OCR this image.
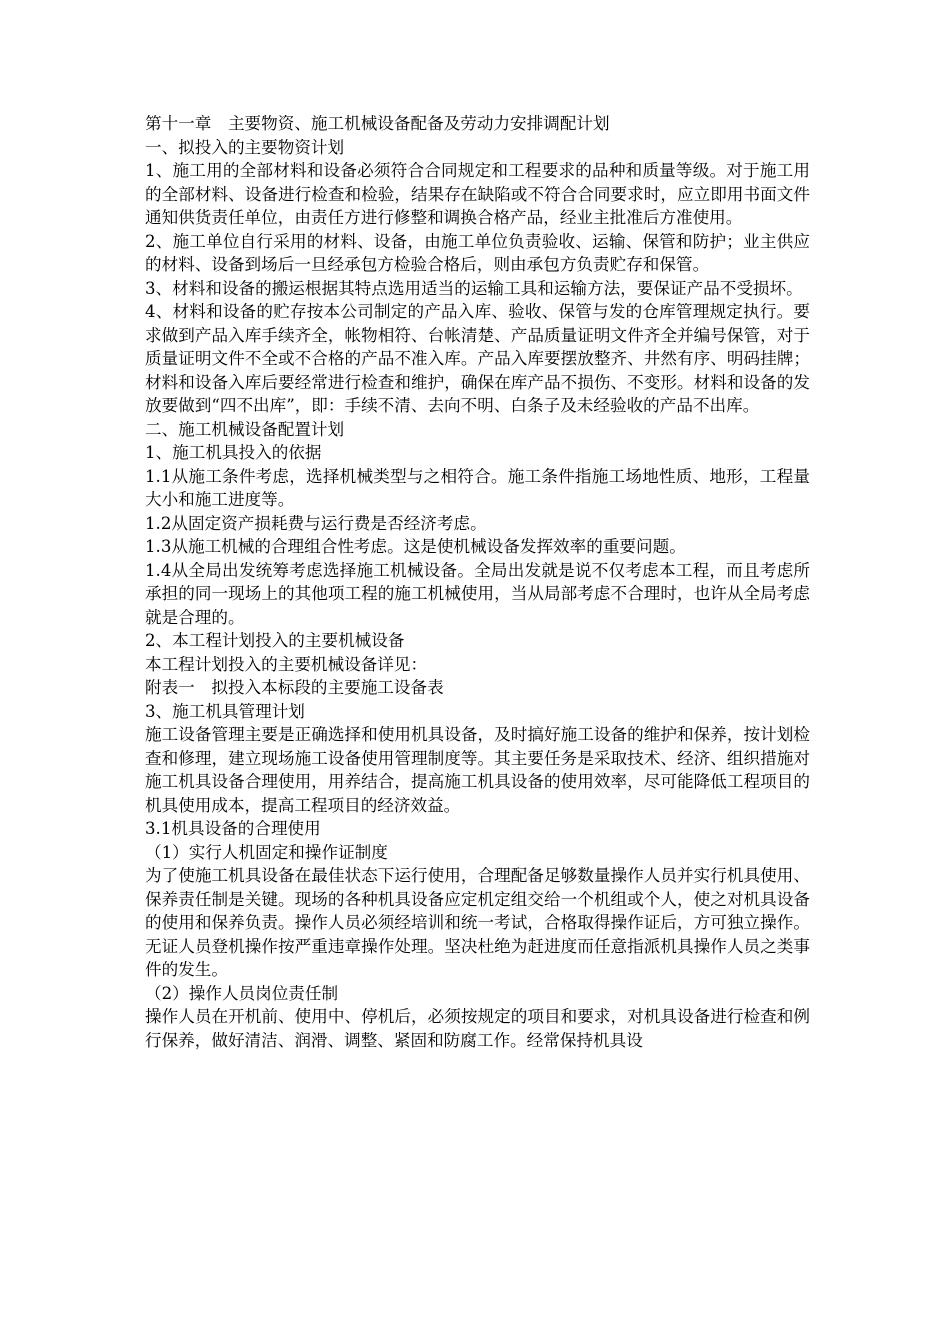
第十一章　主要物资、施工机械设备配备及劳动力安排调配计划

一、拟投入的主要物资计划

1、施工用的全部材料和设备必须符合合同规定和工程要求的品种和质量等级。对于施工用的全部材料、设备进行检查和检验，结果存在缺陷或不符合合同要求时，应立即用书面文件通知供货责任单位，由责任方进行修整和调换合格产品，经业主批准后方准使用。

2、施工单位自行采用的材料、设备，由施工单位负责验收、运输、保管和防护；业主供应的材料、设备到场后一旦经承包方检验合格后，则由承包方负责贮存和保管。

3、材料和设备的搬运根据其特点选用适当的运输工具和运输方法，要保证产品不受损坏。

4、材料和设备的贮存按本公司制定的产品入库、验收、保管与发的仓库管理规定执行。要求做到产品入库手续齐全，帐物相符、台帐清楚、产品质量证明文件齐全并编号保管，对于质量证明文件不全或不合格的产品不准入库。产品入库要摆放整齐、井然有序、明码挂牌；材料和设备入库后要经常进行检查和维护，确保在库产品不损伤、不变形。材料和设备的发放要做到“四不出库”，即：手续不清、去向不明、白条子及未经验收的产品不出库。

二、施工机械设备配置计划

1、施工机具投入的依据

1.1从施工条件考虑，选择机械类型与之相符合。施工条件指施工场地性质、地形，工程量大小和施工进度等。

1.2从固定资产损耗费与运行费是否经济考虑。

1.3从施工机械的合理组合性考虑。这是使机械设备发挥效率的重要问题。

1.4从全局出发统筹考虑选择施工机械设备。全局出发就是说不仅考虑本工程，而且考虑所承担的同一现场上的其他项工程的施工机械使用，当从局部考虑不合理时，也许从全局考虑就是合理的。

2、本工程计划投入的主要机械设备

本工程计划投入的主要机械设备详见：

附表一　拟投入本标段的主要施工设备表

3、施工机具管理计划

施工设备管理主要是正确选择和使用机具设备，及时搞好施工设备的维护和保养，按计划检查和修理，建立现场施工设备使用管理制度等。其主要任务是采取技术、经济、组织措施对施工机具设备合理使用，用养结合，提高施工机具设备的使用效率，尽可能降低工程项目的机具使用成本，提高工程项目的经济效益。

3.1机具设备的合理使用

（1）实行人机固定和操作证制度

为了使施工机具设备在最佳状态下运行使用，合理配备足够数量操作人员并实行机具使用、保养责任制是关键。现场的各种机具设备应定机定组交给一个机组或个人，使之对机具设备的使用和保养负责。操作人员必须经培训和统一考试，合格取得操作证后，方可独立操作。无证人员登机操作按严重违章操作处理。坚决杜绝为赶进度而任意指派机具操作人员之类事件的发生。

（2）操作人员岗位责任制

操作人员在开机前、使用中、停机后，必须按规定的项目和要求，对机具设备进行检查和例行保养，做好清洁、润滑、调整、紧固和防腐工作。经常保持机具设
